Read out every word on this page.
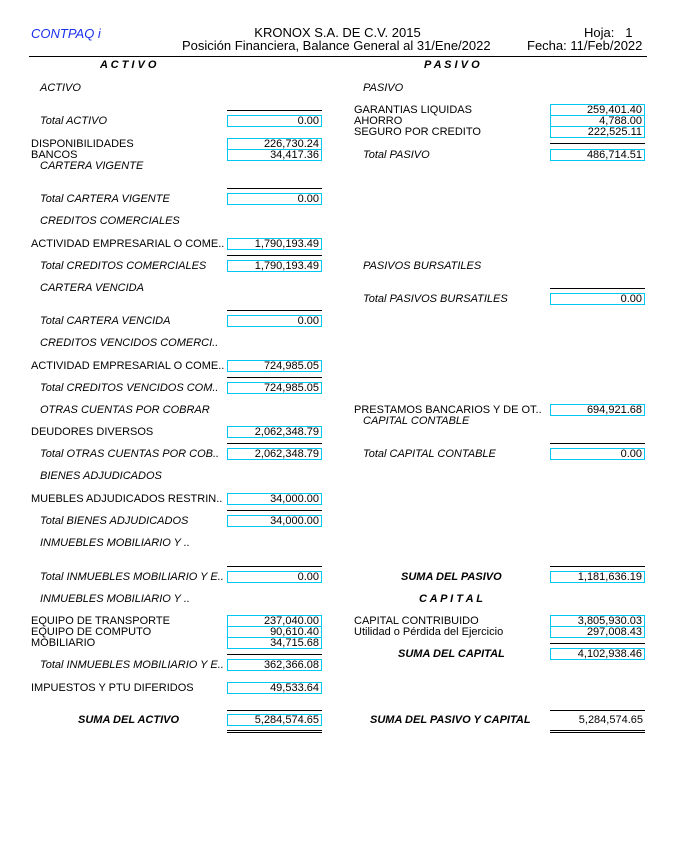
CONTPAQ i	KRONOX S.A. DE C.V. 2015
Posición Financiera, Balance General al 31/Ene/2022
Hoja: 1
Fecha: 11/Feb/2022
A C T I V O	P A S I V O
ACTIVO
Total ACTIVO	0.00
DISPONIBILIDADES	226,730.24
BANCOS	34,417.36
CARTERA VIGENTE
Total CARTERA VIGENTE	0.00
CREDITOS COMERCIALES
ACTIVIDAD EMPRESARIAL O COME..	1,790,193.49
Total CREDITOS COMERCIALES	1,790,193.49
CARTERA VENCIDA
Total CARTERA VENCIDA	0.00
CREDITOS VENCIDOS COMERCI..
ACTIVIDAD EMPRESARIAL O COME..	724,985.05
Total CREDITOS VENCIDOS COM..	724,985.05
OTRAS CUENTAS POR COBRAR
DEUDORES DIVERSOS	2,062,348.79
Total OTRAS CUENTAS POR COB..	2,062,348.79
BIENES ADJUDICADOS
MUEBLES ADJUDICADOS RESTRIN..	34,000.00
Total BIENES ADJUDICADOS	34,000.00
INMUEBLES MOBILIARIO Y ..
Total INMUEBLES MOBILIARIO Y E..	0.00
INMUEBLES MOBILIARIO Y ..
EQUIPO DE TRANSPORTE	237,040.00
EQUIPO DE COMPUTO	90,610.40
MOBILIARIO	34,715.68
Total INMUEBLES MOBILIARIO Y E..	362,366.08
IMPUESTOS Y PTU DIFERIDOS	49,533.64
SUMA DEL ACTIVO	5,284,574.65
PASIVO
GARANTIAS LIQUIDAS	259,401.40
AHORRO	4,788.00
SEGURO POR CREDITO	222,525.11
Total PASIVO	486,714.51
PASIVOS BURSATILES
Total PASIVOS BURSATILES	0.00
PRESTAMOS BANCARIOS Y DE OT..	694,921.68
CAPITAL CONTABLE
Total CAPITAL CONTABLE	0.00
SUMA DEL PASIVO	1,181,636.19
C A P I T A L
CAPITAL CONTRIBUIDO	3,805,930.03
Utilidad o Pérdida del Ejercicio	297,008.43
SUMA DEL CAPITAL	4,102,938.46
SUMA DEL PASIVO Y CAPITAL	5,284,574.65
